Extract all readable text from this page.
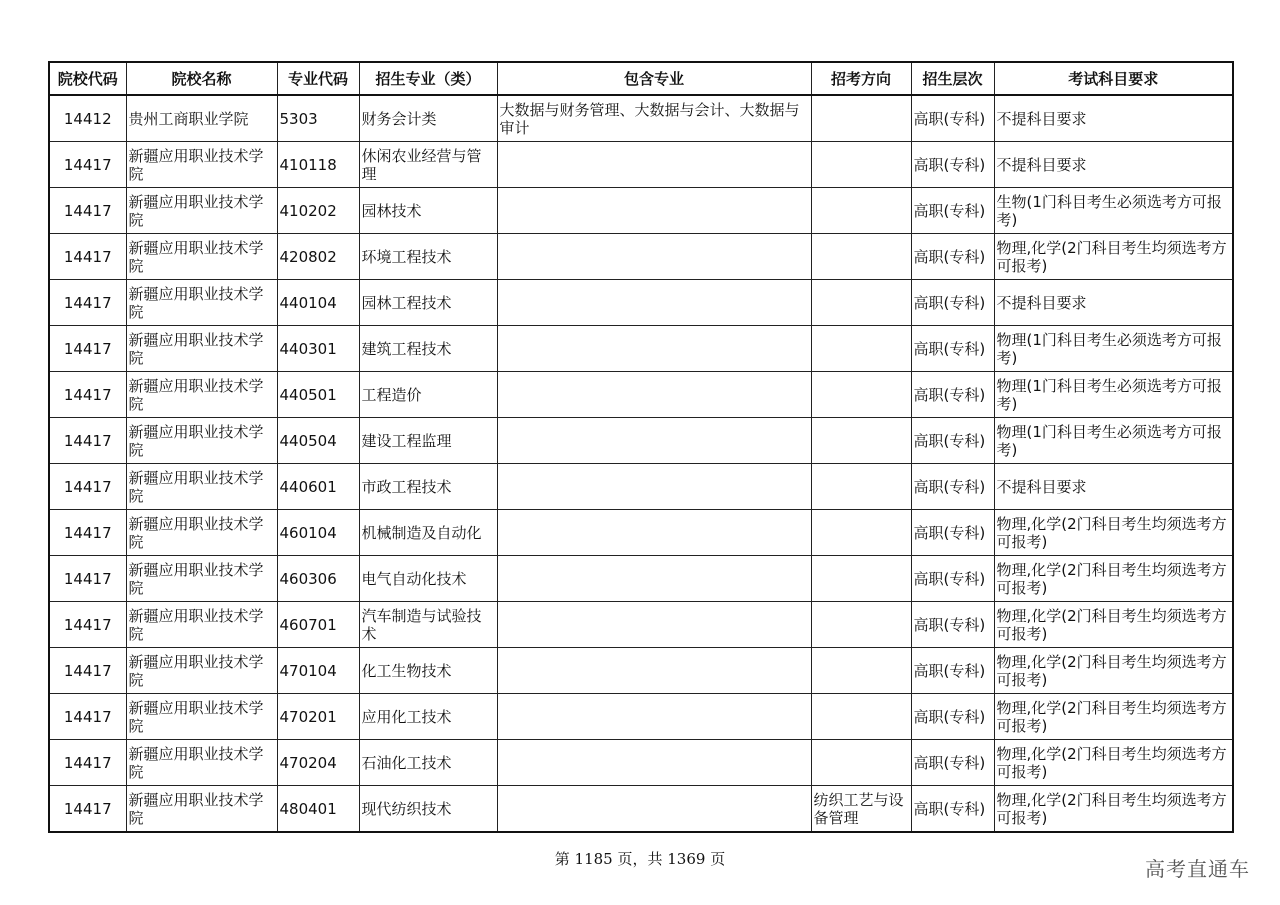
院校代码	院校名称	专业代码	招生专业（类）	包含专业	招考方向	招生层次	考试科目要求
14412	贵州工商职业学院	5303	财务会计类	大数据与财务管理、大数据与会计、大数据与审计		高职(专科)	不提科目要求
14417	新疆应用职业技术学院	410118	休闲农业经营与管理			高职(专科)	不提科目要求
14417	新疆应用职业技术学院	410202	园林技术			高职(专科)	生物(1门科目考生必须选考方可报考)
14417	新疆应用职业技术学院	420802	环境工程技术			高职(专科)	物理,化学(2门科目考生均须选考方可报考)
14417	新疆应用职业技术学院	440104	园林工程技术			高职(专科)	不提科目要求
14417	新疆应用职业技术学院	440301	建筑工程技术			高职(专科)	物理(1门科目考生必须选考方可报考)
14417	新疆应用职业技术学院	440501	工程造价			高职(专科)	物理(1门科目考生必须选考方可报考)
14417	新疆应用职业技术学院	440504	建设工程监理			高职(专科)	物理(1门科目考生必须选考方可报考)
14417	新疆应用职业技术学院	440601	市政工程技术			高职(专科)	不提科目要求
14417	新疆应用职业技术学院	460104	机械制造及自动化			高职(专科)	物理,化学(2门科目考生均须选考方可报考)
14417	新疆应用职业技术学院	460306	电气自动化技术			高职(专科)	物理,化学(2门科目考生均须选考方可报考)
14417	新疆应用职业技术学院	460701	汽车制造与试验技术			高职(专科)	物理,化学(2门科目考生均须选考方可报考)
14417	新疆应用职业技术学院	470104	化工生物技术			高职(专科)	物理,化学(2门科目考生均须选考方可报考)
14417	新疆应用职业技术学院	470201	应用化工技术			高职(专科)	物理,化学(2门科目考生均须选考方可报考)
14417	新疆应用职业技术学院	470204	石油化工技术			高职(专科)	物理,化学(2门科目考生均须选考方可报考)
14417	新疆应用职业技术学院	480401	现代纺织技术		纺织工艺与设备管理	高职(专科)	物理,化学(2门科目考生均须选考方可报考)
第 1185 页，共 1369 页	高考直通车
